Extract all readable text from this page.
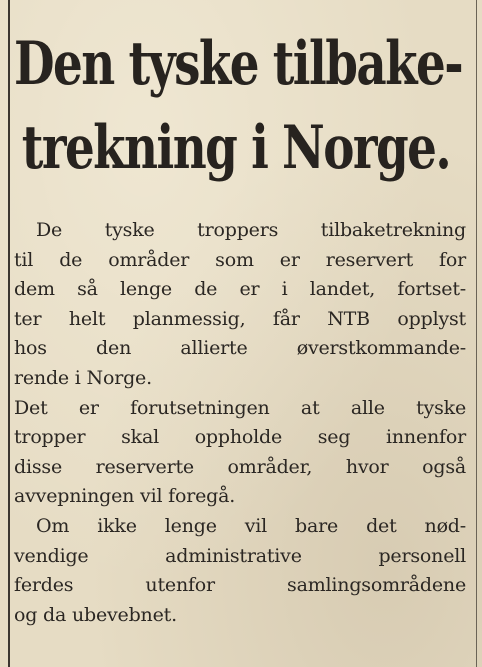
Den tyske tilbake-
trekning i Norge.
De tyske troppers tilbaketrekning
til de områder som er reservert for
dem så lenge de er i landet, fortset-
ter helt planmessig, får NTB opplyst
hos den allierte øverstkommande-
rende i Norge.
Det er forutsetningen at alle tyske
tropper skal oppholde seg innenfor
disse reserverte områder, hvor også
avvepningen vil foregå.
Om ikke lenge vil bare det nød-
vendige administrative personell
ferdes utenfor samlingsområdene
og da ubevebnet.
